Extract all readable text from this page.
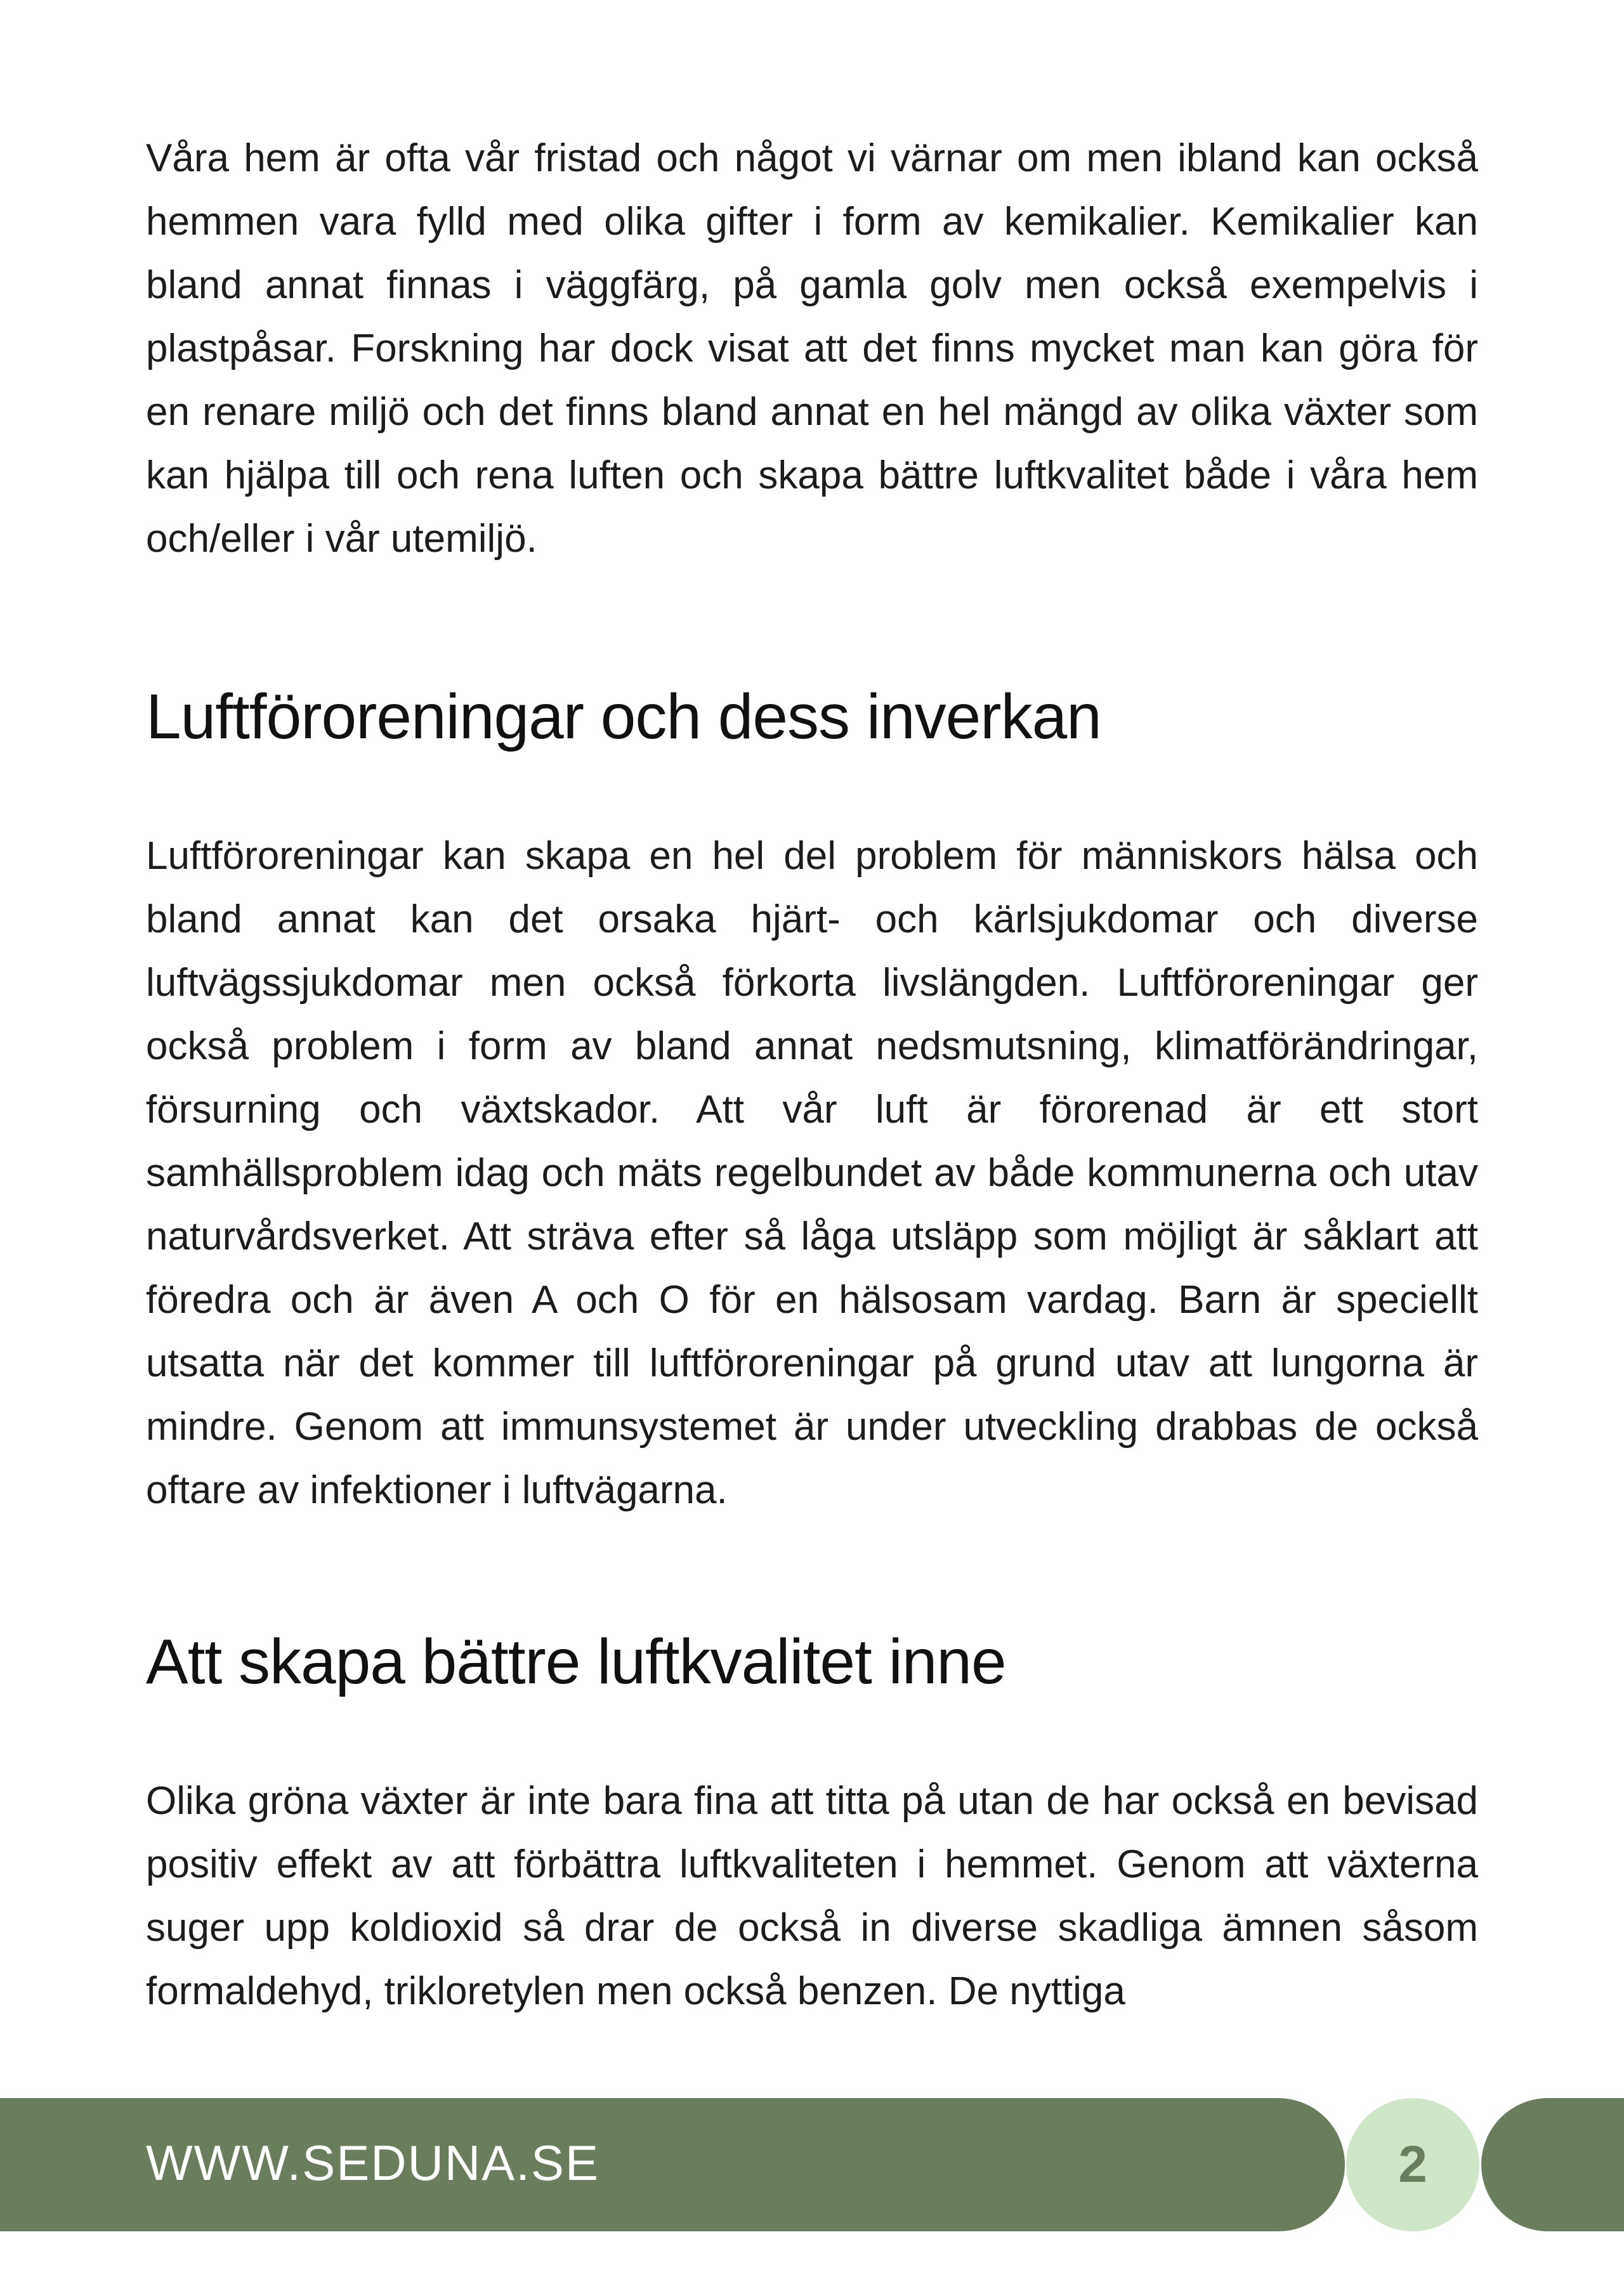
Våra hem är ofta vår fristad och något vi värnar om men ibland kan också hemmen vara fylld med olika gifter i form av kemikalier. Kemikalier kan bland annat finnas i väggfärg, på gamla golv men också exempelvis i plastpåsar. Forskning har dock visat att det finns mycket man kan göra för en renare miljö och det finns bland annat en hel mängd av olika växter som kan hjälpa till och rena luften och skapa bättre luftkvalitet både i våra hem och/eller i vår utemiljö.

Luftföroreningar och dess inverkan

Luftföroreningar kan skapa en hel del problem för människors hälsa och bland annat kan det orsaka hjärt- och kärlsjukdomar och diverse luftvägssjukdomar men också förkorta livslängden. Luftföroreningar ger också problem i form av bland annat nedsmutsning, klimatförändringar, försurning och växtskador. Att vår luft är förorenad är ett stort samhällsproblem idag och mäts regelbundet av både kommunerna och utav naturvårdsverket. Att sträva efter så låga utsläpp som möjligt är såklart att föredra och är även A och O för en hälsosam vardag. Barn är speciellt utsatta när det kommer till luftföroreningar på grund utav att lungorna är mindre. Genom att immunsystemet är under utveckling drabbas de också oftare av infektioner i luftvägarna.

Att skapa bättre luftkvalitet inne

Olika gröna växter är inte bara fina att titta på utan de har också en bevisad positiv effekt av att förbättra luftkvaliteten i hemmet. Genom att växterna suger upp koldioxid så drar de också in diverse skadliga ämnen såsom formaldehyd, trikloretylen men också benzen. De nyttiga

WWW.SEDUNA.SE	2
